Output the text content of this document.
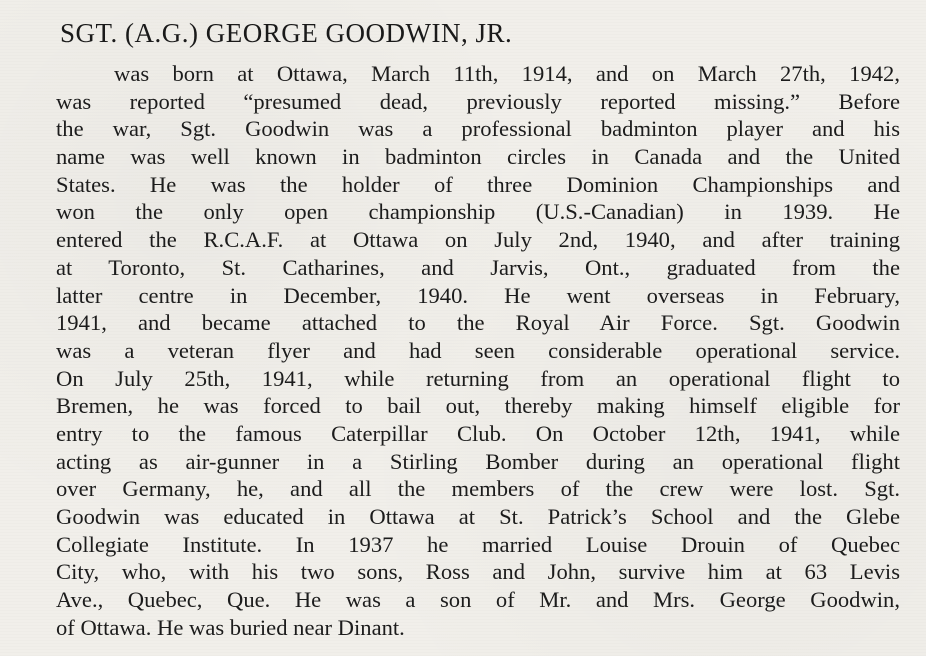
SGT. (A.G.) GEORGE GOODWIN, JR.
was born at Ottawa, March 11th, 1914, and on March 27th, 1942,
was reported “presumed dead, previously reported missing.” Before
the war, Sgt. Goodwin was a professional badminton player and his
name was well known in badminton circles in Canada and the United
States. He was the holder of three Dominion Championships and
won the only open championship (U.S.-Canadian) in 1939. He
entered the R.C.A.F. at Ottawa on July 2nd, 1940, and after training
at Toronto, St. Catharines, and Jarvis, Ont., graduated from the
latter centre in December, 1940. He went overseas in February,
1941, and became attached to the Royal Air Force. Sgt. Goodwin
was a veteran flyer and had seen considerable operational service.
On July 25th, 1941, while returning from an operational flight to
Bremen, he was forced to bail out, thereby making himself eligible for
entry to the famous Caterpillar Club. On October 12th, 1941, while
acting as air-gunner in a Stirling Bomber during an operational flight
over Germany, he, and all the members of the crew were lost. Sgt.
Goodwin was educated in Ottawa at St. Patrick’s School and the Glebe
Collegiate Institute. In 1937 he married Louise Drouin of Quebec
City, who, with his two sons, Ross and John, survive him at 63 Levis
Ave., Quebec, Que. He was a son of Mr. and Mrs. George Goodwin,
of Ottawa. He was buried near Dinant.
